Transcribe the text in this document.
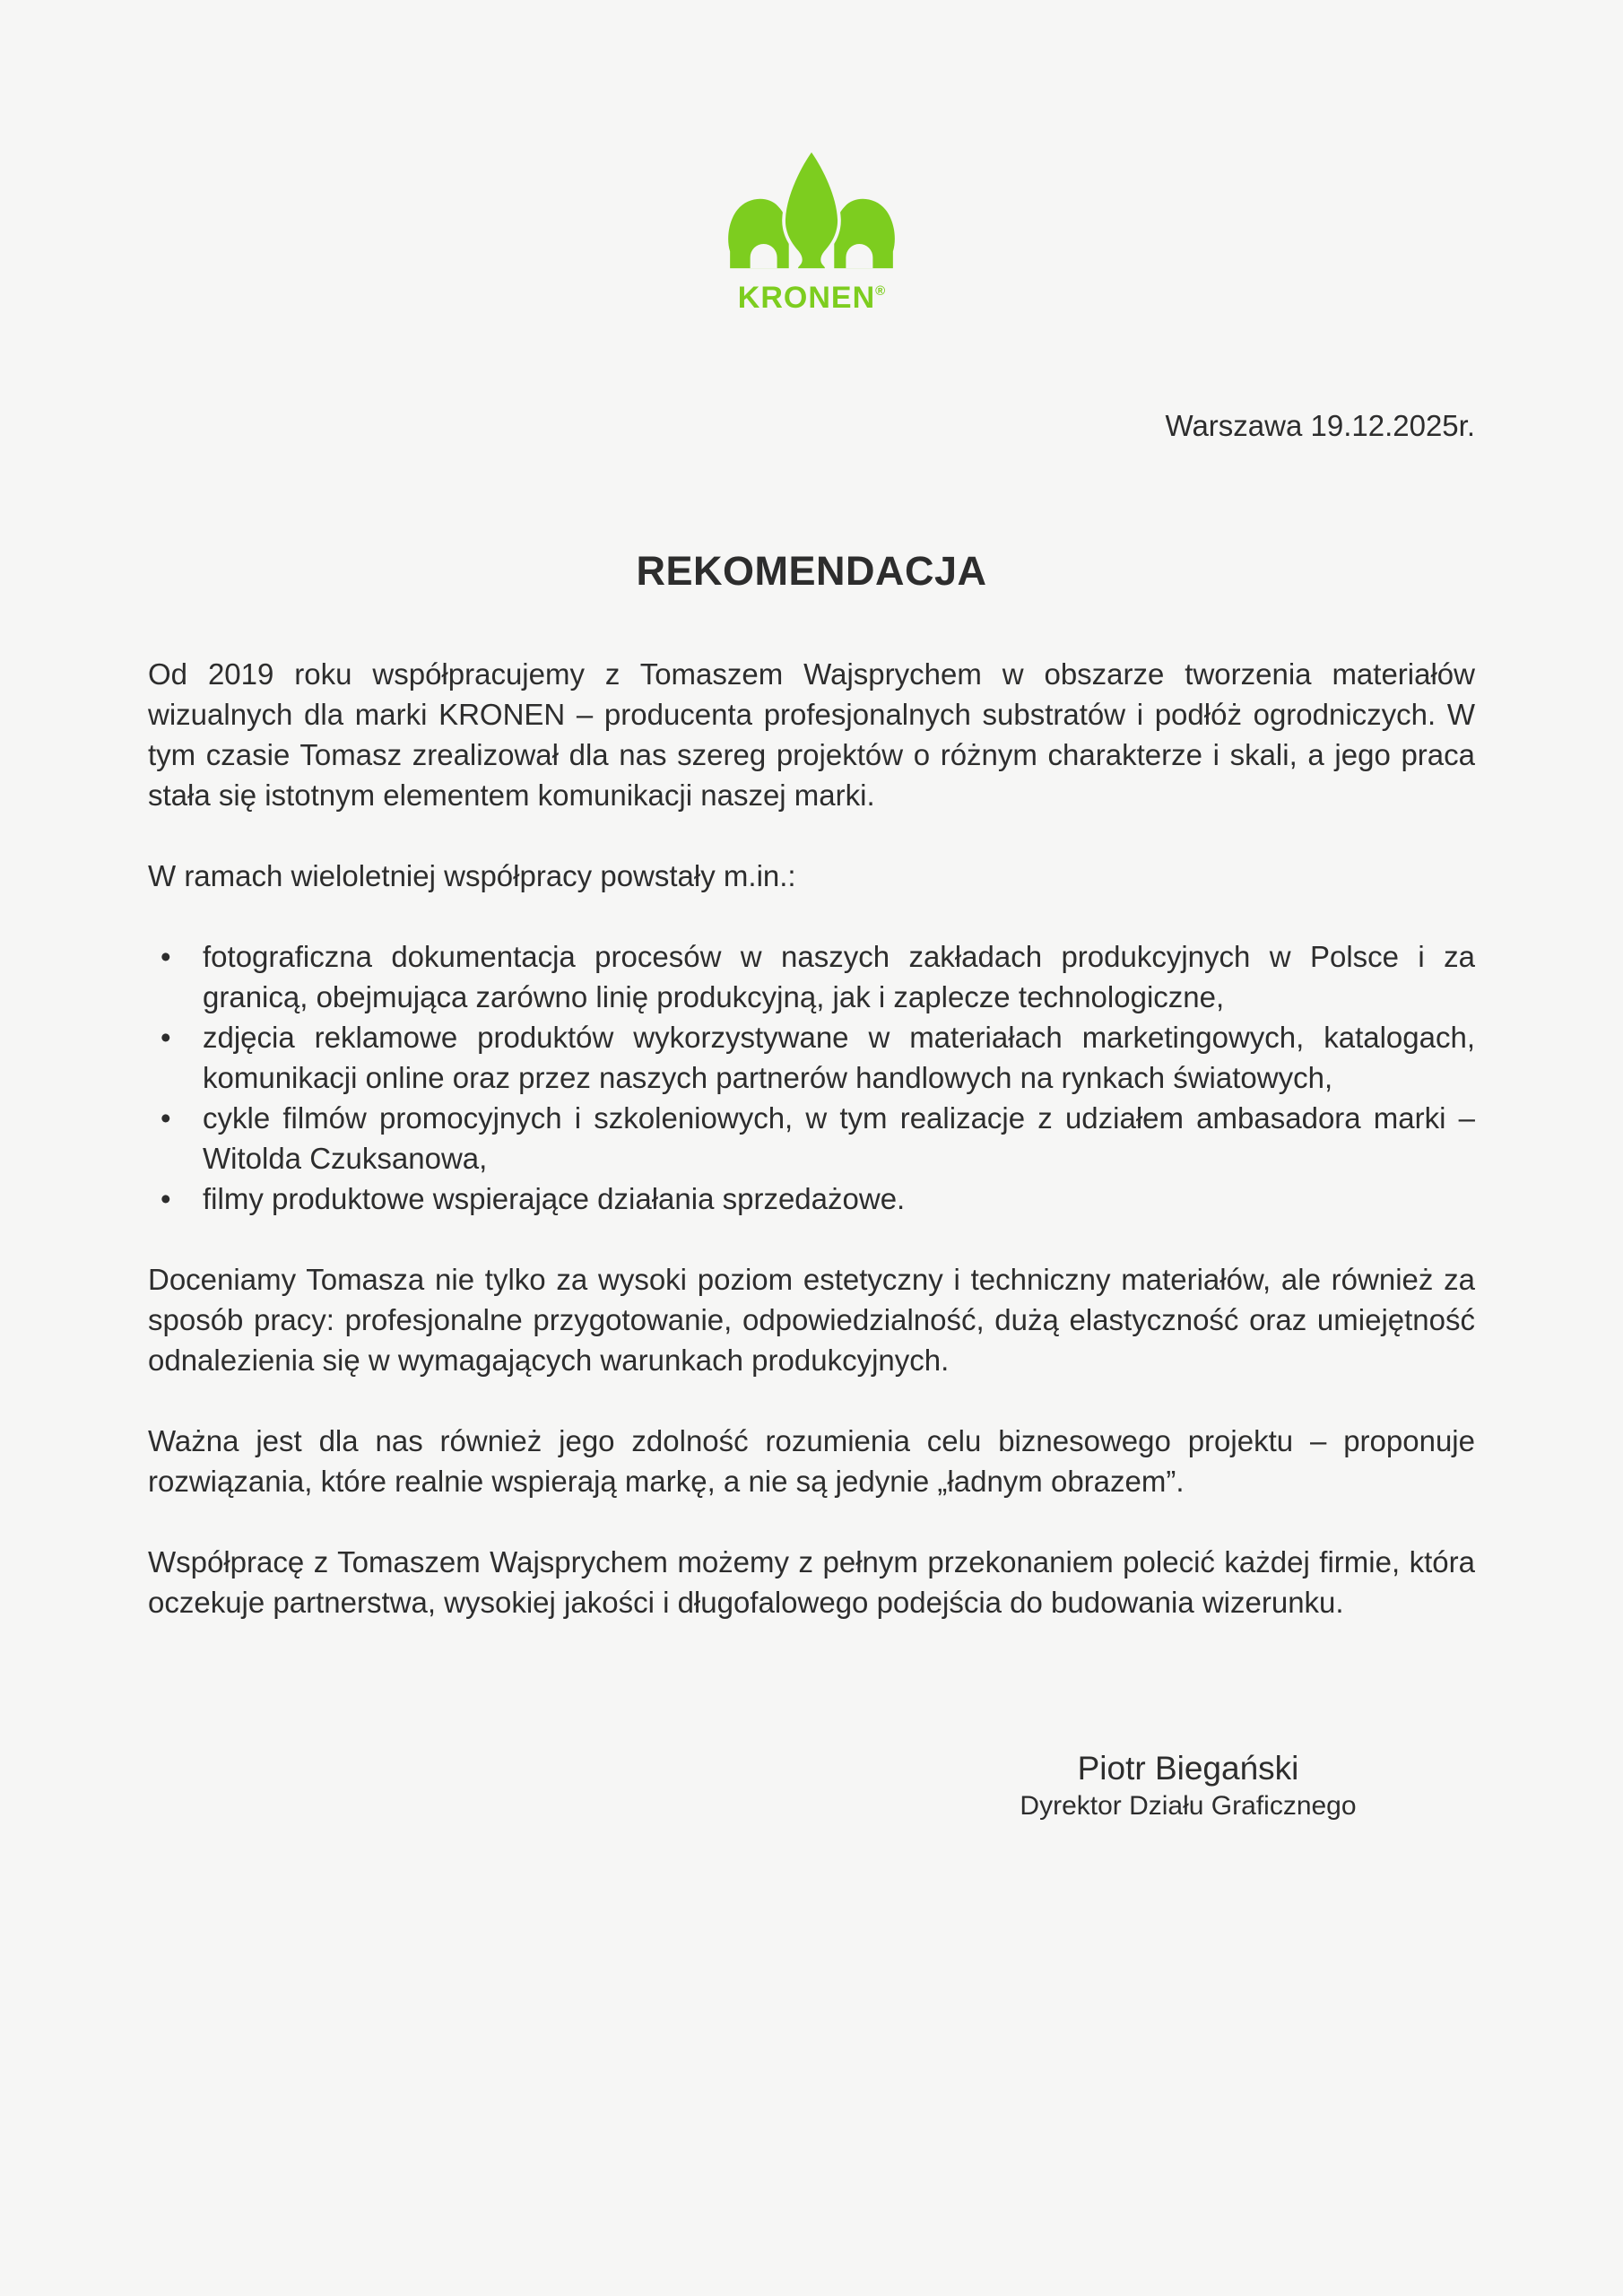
KRONEN®
Warszawa 19.12.2025r.
REKOMENDACJA

Od 2019 roku współpracujemy z Tomaszem Wajsprychem w obszarze tworzenia materiałów wizualnych dla marki KRONEN – producenta profesjonalnych substratów i podłóż ogrodniczych. W tym czasie Tomasz zrealizował dla nas szereg projektów o różnym charakterze i skali, a jego praca stała się istotnym elementem komunikacji naszej marki.

W ramach wieloletniej współpracy powstały m.in.:

• fotograficzna dokumentacja procesów w naszych zakładach produkcyjnych w Polsce i za granicą, obejmująca zarówno linię produkcyjną, jak i zaplecze technologiczne,
• zdjęcia reklamowe produktów wykorzystywane w materiałach marketingowych, katalogach, komunikacji online oraz przez naszych partnerów handlowych na rynkach światowych,
• cykle filmów promocyjnych i szkoleniowych, w tym realizacje z udziałem ambasadora marki – Witolda Czuksanowa,
• filmy produktowe wspierające działania sprzedażowe.

Doceniamy Tomasza nie tylko za wysoki poziom estetyczny i techniczny materiałów, ale również za sposób pracy: profesjonalne przygotowanie, odpowiedzialność, dużą elastyczność oraz umiejętność odnalezienia się w wymagających warunkach produkcyjnych.

Ważna jest dla nas również jego zdolność rozumienia celu biznesowego projektu – proponuje rozwiązania, które realnie wspierają markę, a nie są jedynie „ładnym obrazem”.

Współpracę z Tomaszem Wajsprychem możemy z pełnym przekonaniem polecić każdej firmie, która oczekuje partnerstwa, wysokiej jakości i długofalowego podejścia do budowania wizerunku.

Piotr Biegański
Dyrektor Działu Graficznego
